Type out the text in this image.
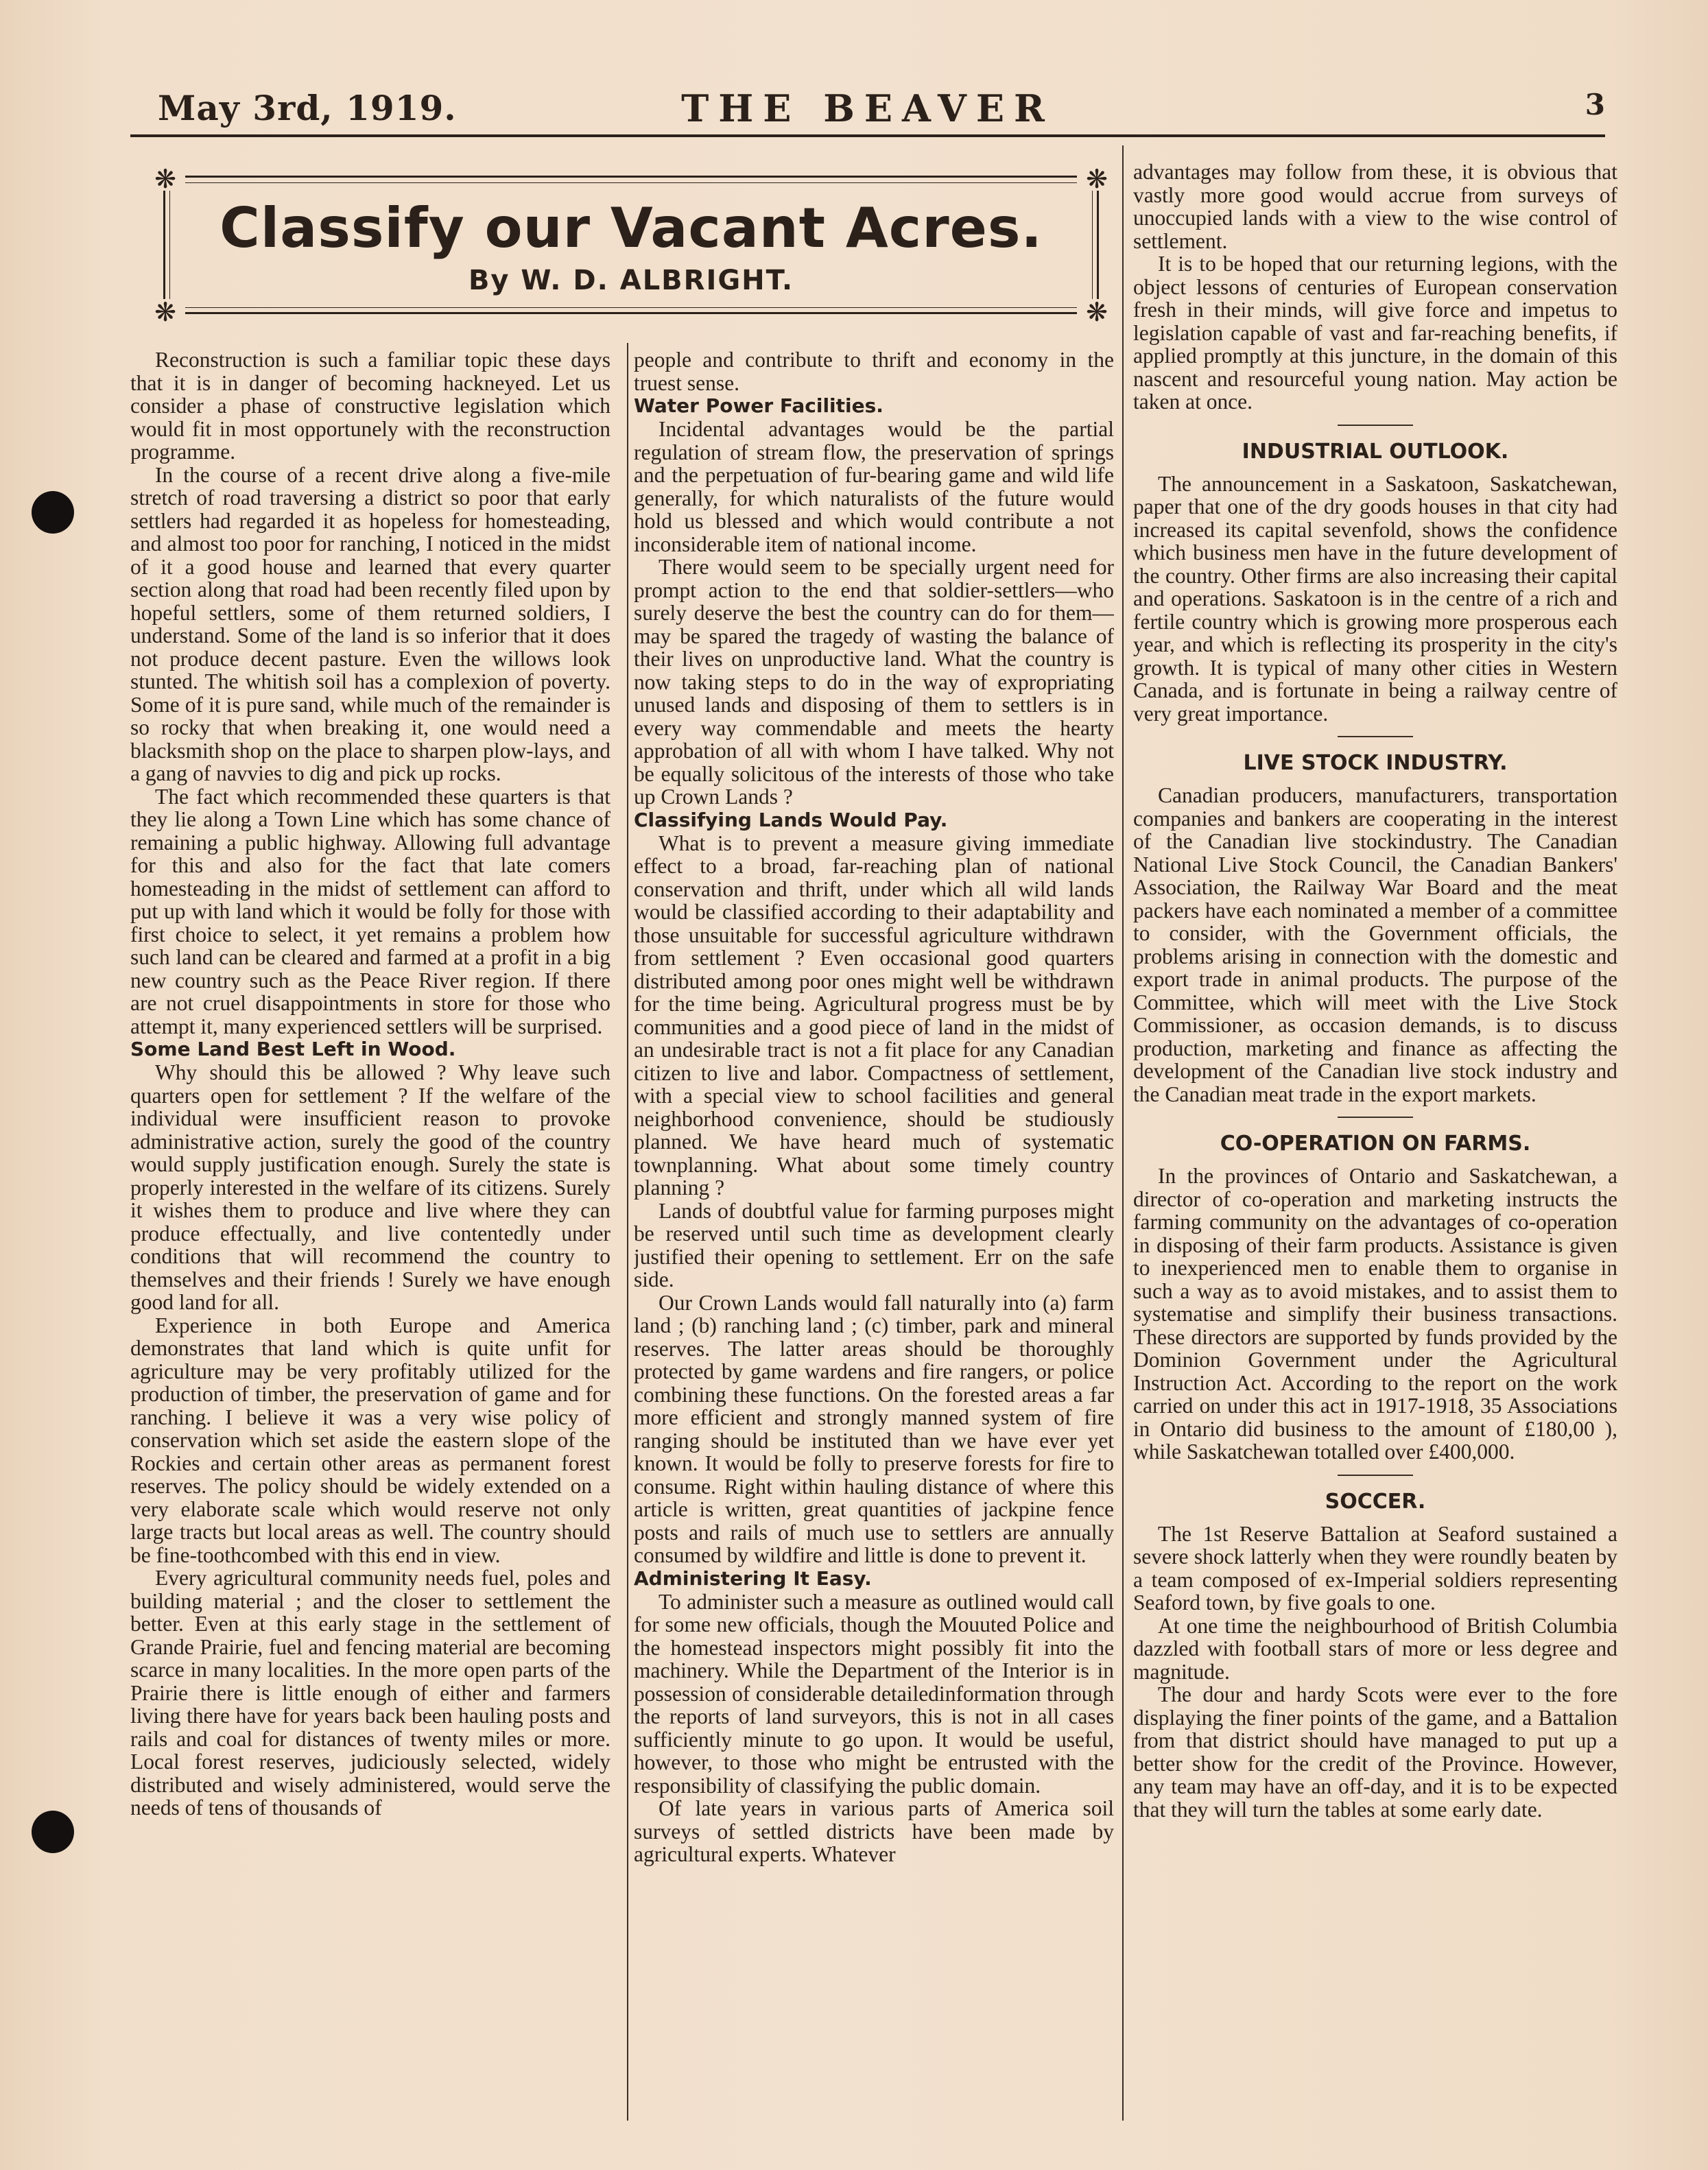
May 3rd, 1919.	THE BEAVER	3
❋	❋
❋	❋
Classify our Vacant Acres.
By W. D. ALBRIGHT.

Reconstruction is such a familiar topic these days that it is in danger of becoming hackneyed. Let us consider a phase of constructive legislation which would fit in most opportunely with the reconstruction programme.

In the course of a recent drive along a five-mile stretch of road traversing a district so poor that early settlers had regarded it as hopeless for homesteading, and almost too poor for ranching, I noticed in the midst of it a good house and learned that every quarter section along that road had been recently filed upon by hopeful settlers, some of them returned soldiers, I understand. Some of the land is so inferior that it does not produce decent pasture. Even the willows look stunted. The whitish soil has a complexion of poverty. Some of it is pure sand, while much of the remainder is so rocky that when breaking it, one would need a blacksmith shop on the place to sharpen plow-lays, and a gang of navvies to dig and pick up rocks.

The fact which recommended these quarters is that they lie along a Town Line which has some chance of remaining a public highway. Allowing full advantage for this and also for the fact that late comers homesteading in the midst of settlement can afford to put up with land which it would be folly for those with first choice to select, it yet remains a problem how such land can be cleared and farmed at a profit in a big new country such as the Peace River region. If there are not cruel disappointments in store for those who attempt it, many experienced settlers will be surprised.

Some Land Best Left in Wood.

Why should this be allowed ? Why leave such quarters open for settlement ? If the welfare of the individual were insufficient reason to provoke administrative action, surely the good of the country would supply justification enough. Surely the state is properly interested in the welfare of its citizens. Surely it wishes them to produce and live where they can produce effectually, and live contentedly under conditions that will recommend the country to themselves and their friends ! Surely we have enough good land for all.

Experience in both Europe and America demonstrates that land which is quite unfit for agriculture may be very profitably utilized for the production of timber, the preservation of game and for ranching. I believe it was a very wise policy of conservation which set aside the eastern slope of the Rockies and certain other areas as permanent forest reserves. The policy should be widely extended on a very elaborate scale which would reserve not only large tracts but local areas as well. The country should be fine-toothcombed with this end in view.

Every agricultural community needs fuel, poles and building material ; and the closer to settlement the better. Even at this early stage in the settlement of Grande Prairie, fuel and fencing material are becoming scarce in many localities. In the more open parts of the Prairie there is little enough of either and farmers living there have for years back been hauling posts and rails and coal for distances of twenty miles or more. Local forest reserves, judiciously selected, widely distributed and wisely administered, would serve the needs of tens of thousands of

people and contribute to thrift and economy in the truest sense.

Water Power Facilities.

Incidental advantages would be the partial regulation of stream flow, the preservation of springs and the perpetuation of fur-bearing game and wild life generally, for which naturalists of the future would hold us blessed and which would contribute a not inconsiderable item of national income.

There would seem to be specially urgent need for prompt action to the end that soldier-settlers—who surely deserve the best the country can do for them—may be spared the tragedy of wasting the balance of their lives on unproductive land. What the country is now taking steps to do in the way of expropriating unused lands and disposing of them to settlers is in every way commendable and meets the hearty approbation of all with whom I have talked. Why not be equally solicitous of the interests of those who take up Crown Lands ?

Classifying Lands Would Pay.

What is to prevent a measure giving immediate effect to a broad, far-reaching plan of national conservation and thrift, under which all wild lands would be classified according to their adaptability and those unsuitable for successful agriculture withdrawn from settlement ? Even occasional good quarters distributed among poor ones might well be withdrawn for the time being. Agricultural progress must be by communities and a good piece of land in the midst of an undesirable tract is not a fit place for any Canadian citizen to live and labor. Compactness of settlement, with a special view to school facilities and general neighborhood convenience, should be studiously planned. We have heard much of systematic townplanning. What about some timely country planning ?

Lands of doubtful value for farming purposes might be reserved until such time as development clearly justified their opening to settlement. Err on the safe side.

Our Crown Lands would fall naturally into (a) farm land ; (b) ranching land ; (c) timber, park and mineral reserves. The latter areas should be thoroughly protected by game wardens and fire rangers, or police combining these functions. On the forested areas a far more efficient and strongly manned system of fire ranging should be instituted than we have ever yet known. It would be folly to preserve forests for fire to consume. Right within hauling distance of where this article is written, great quantities of jackpine fence posts and rails of much use to settlers are annually consumed by wildfire and little is done to prevent it.

Administering It Easy.

To administer such a measure as outlined would call for some new officials, though the Mouuted Police and the homestead inspectors might possibly fit into the machinery. While the Department of the Interior is in possession of considerable detailedinformation through the reports of land surveyors, this is not in all cases sufficiently minute to go upon. It would be useful, however, to those who might be entrusted with the responsibility of classifying the public domain.

Of late years in various parts of America soil surveys of settled districts have been made by agricultural experts. Whatever

advantages may follow from these, it is obvious that vastly more good would accrue from surveys of unoccupied lands with a view to the wise control of settlement.

It is to be hoped that our returning legions, with the object lessons of centuries of European conservation fresh in their minds, will give force and impetus to legislation capable of vast and far-reaching benefits, if applied promptly at this juncture, in the domain of this nascent and resourceful young nation. May action be taken at once.

INDUSTRIAL OUTLOOK.

The announcement in a Saskatoon, Saskatchewan, paper that one of the dry goods houses in that city had increased its capital sevenfold, shows the confidence which business men have in the future development of the country. Other firms are also increasing their capital and operations. Saskatoon is in the centre of a rich and fertile country which is growing more prosperous each year, and which is reflecting its prosperity in the city's growth. It is typical of many other cities in Western Canada, and is fortunate in being a railway centre of very great importance.

LIVE STOCK INDUSTRY.

Canadian producers, manufacturers, transportation companies and bankers are cooperating in the interest of the Canadian live stockindustry. The Canadian National Live Stock Council, the Canadian Bankers' Association, the Railway War Board and the meat packers have each nominated a member of a committee to consider, with the Government officials, the problems arising in connection with the domestic and export trade in animal products. The purpose of the Committee, which will meet with the Live Stock Commissioner, as occasion demands, is to discuss production, marketing and finance as affecting the development of the Canadian live stock industry and the Canadian meat trade in the export markets.

CO-OPERATION ON FARMS.

In the provinces of Ontario and Saskatchewan, a director of co-operation and marketing instructs the farming community on the advantages of co-operation in disposing of their farm products. Assistance is given to inexperienced men to enable them to organise in such a way as to avoid mistakes, and to assist them to systematise and simplify their business transactions. These directors are supported by funds provided by the Dominion Government under the Agricultural Instruction Act. According to the report on the work carried on under this act in 1917-1918, 35 Associations in Ontario did business to the amount of £180,00 ), while Saskatchewan totalled over £400,000.

SOCCER.

The 1st Reserve Battalion at Seaford sustained a severe shock latterly when they were roundly beaten by a team composed of ex-Imperial soldiers representing Seaford town, by five goals to one.

At one time the neighbourhood of British Columbia dazzled with football stars of more or less degree and magnitude.

The dour and hardy Scots were ever to the fore displaying the finer points of the game, and a Battalion from that district should have managed to put up a better show for the credit of the Province. However, any team may have an off-day, and it is to be expected that they will turn the tables at some early date.
